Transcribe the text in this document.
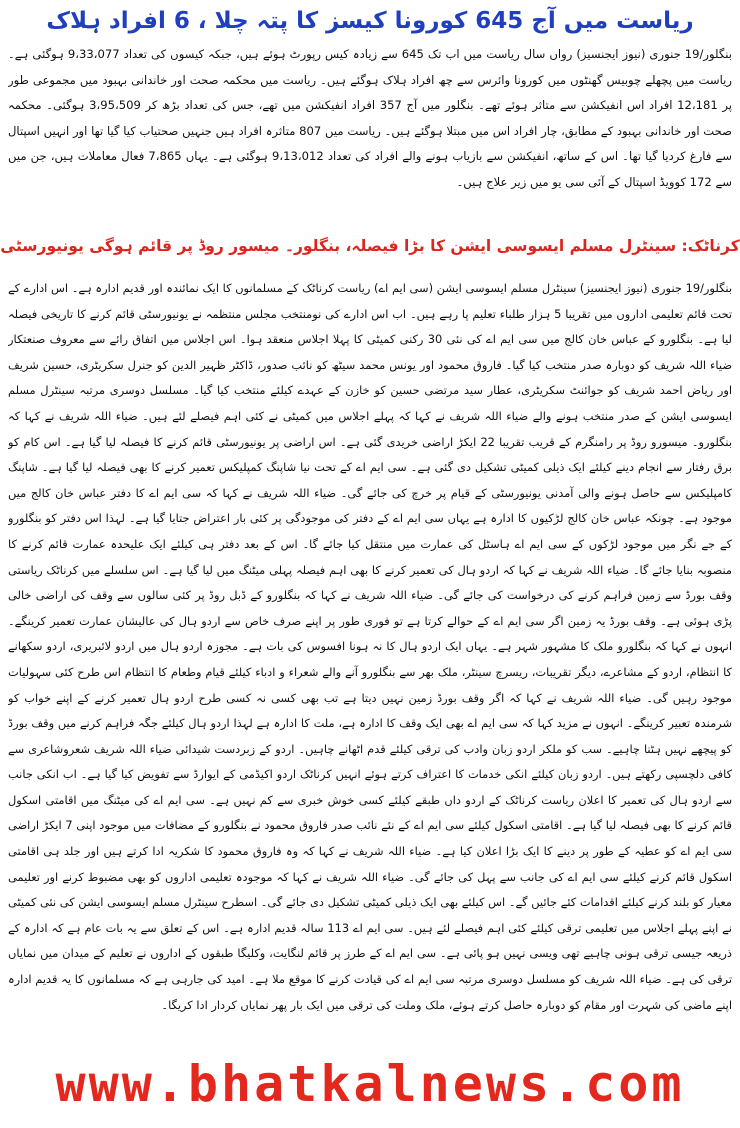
ریاست میں آج 645 کورونا کیسز کا پتہ چلا ، 6 افراد ہلاک

بنگلور/19 جنوری (نیوز ایجنسیز) رواں سال ریاست میں اب تک 645 سے زیادہ کیس رپورٹ ہوئے ہیں، جبکہ کیسوں کی تعداد 9،33،077 ہوگئی ہے۔ ریاست میں پچھلے چوبیس گھنٹوں میں کورونا وائرس سے چھ افراد ہلاک ہوگئے ہیں۔ ریاست میں محکمہ صحت اور خاندانی بہبود میں مجموعی طور پر 12،181 افراد اس انفیکشن سے متاثر ہوئے تھے۔ بنگلور میں آج 357 افراد انفیکشن میں تھے، جس کی تعداد بڑھ کر 3،95،509 ہوگئی۔ محکمہ صحت اور خاندانی بہبود کے مطابق، چار افراد اس میں مبتلا ہوگئے ہیں۔ ریاست میں 807 متاثرہ افراد ہیں جنہیں صحتیاب کیا گیا تھا اور انہیں اسپتال سے فارغ کردیا گیا تھا۔ اس کے ساتھ، انفیکشن سے بازیاب ہونے والے افراد کی تعداد 9،13،012 ہوگئی ہے۔ یہاں 7،865 فعال معاملات ہیں، جن میں سے 172 کوویڈ اسپتال کے آئی سی یو میں زیر علاج ہیں۔

کرناٹک: سینٹرل مسلم ایسوسی ایشن کا بڑا فیصلہ، بنگلور۔ میسور روڈ پر قائم ہوگی یونیورسٹی

بنگلور/19 جنوری (نیوز ایجنسیز) سینٹرل مسلم ایسوسی ایشن (سی ایم اے) ریاست کرناٹک کے مسلمانوں کا ایک نمائندہ اور قدیم ادارہ ہے۔ اس ادارے کے تحت قائم تعلیمی اداروں میں تقریبا 5 ہزار طلباء تعلیم پا رہے ہیں۔ اب اس ادارے کی نومنتخب مجلس منتظمہ نے یونیورسٹی قائم کرنے کا تاریخی فیصلہ لیا ہے۔ بنگلورو کے عباس خان کالج میں سی ایم اے کی نئی 30 رکنی کمیٹی کا پہلا اجلاس منعقد ہوا۔ اس اجلاس میں اتفاق رائے سے معروف صنعتکار ضیاء اللہ شریف کو دوبارہ صدر منتخب کیا گیا۔ فاروق محمود اور یونس محمد سیٹھ کو نائب صدور، ڈاکٹر ظہیر الدین کو جنرل سکریٹری، حسین شریف اور ریاض احمد شریف کو جوائنٹ سکریٹری، عطار سید مرتضی حسین کو خازن کے عہدے کیلئے منتخب کیا گیا۔ مسلسل دوسری مرتبہ سینٹرل مسلم ایسوسی ایشن کے صدر منتخب ہونے والے ضیاء اللہ شریف نے کہا کہ پہلے اجلاس میں کمیٹی نے کئی اہم فیصلے لئے ہیں۔ ضیاء اللہ شریف نے کہا کہ بنگلورو۔ میسورو روڈ پر رامنگرم کے قریب تقریبا 22 ایکڑ اراضی خریدی گئی ہے۔ اس اراضی پر یونیورسٹی قائم کرنے کا فیصلہ لیا گیا ہے۔ اس کام کو برق رفتار سے انجام دینے کیلئے ایک ذیلی کمیٹی تشکیل دی گئی ہے۔ سی ایم اے کے تحت نیا شاپنگ کمپلیکس تعمیر کرنے کا بھی فیصلہ لیا گیا ہے۔ شاپنگ کامپلیکس سے حاصل ہونے والی آمدنی یونیورسٹی کے قیام پر خرچ کی جائے گی۔ ضیاء اللہ شریف نے کہا کہ سی ایم اے کا دفتر عباس خان کالج میں موجود ہے۔ چونکہ عباس خان کالج لڑکیوں کا ادارہ ہے یہاں سی ایم اے کے دفتر کی موجودگی پر کئی بار اعتراض جتایا گیا ہے۔ لہذا اس دفتر کو بنگلورو کے جے نگر میں موجود لڑکوں کے سی ایم اے ہاسٹل کی عمارت میں منتقل کیا جائے گا۔ اس کے بعد دفتر ہی کیلئے ایک علیحدہ عمارت قائم کرنے کا منصوبہ بنایا جائے گا۔ ضیاء اللہ شریف نے کہا کہ اردو ہال کی تعمیر کرنے کا بھی اہم فیصلہ پہلی میٹنگ میں لیا گیا ہے۔ اس سلسلے میں کرناٹک ریاستی وقف بورڈ سے زمین فراہم کرنے کی درخواست کی جائے گی۔ ضیاء اللہ شریف نے کہا کہ بنگلورو کے ڈبل روڈ پر کئی سالوں سے وقف کی اراضی خالی پڑی ہوئی ہے۔ وقف بورڈ یہ زمین اگر سی ایم اے کے حوالے کرتا ہے تو فوری طور پر اپنے صرف خاص سے اردو ہال کی عالیشان عمارت تعمیر کرینگے۔ انہوں نے کہا کہ بنگلورو ملک کا مشہور شہر ہے۔ یہاں ایک اردو ہال کا نہ ہونا افسوس کی بات ہے۔ مجوزہ اردو ہال میں اردو لائبریری، اردو سکھانے کا انتظام، اردو کے مشاعرے، دیگر تقریبات، ریسرچ سینٹر، ملک بھر سے بنگلورو آنے والے شعراء و ادباء کیلئے قیام وطعام کا انتظام اس طرح کئی سہولیات موجود رہیں گی۔ ضیاء اللہ شریف نے کہا کہ اگر وقف بورڈ زمین نہیں دیتا ہے تب بھی کسی نہ کسی طرح اردو ہال تعمیر کرنے کے اپنے خواب کو شرمندہ تعبیر کرینگے۔ انہوں نے مزید کہا کہ سی ایم اے بھی ایک وقف کا ادارہ ہے، ملت کا ادارہ ہے لہذا اردو ہال کیلئے جگہ فراہم کرنے میں وقف بورڈ کو پیچھے نہیں ہٹنا چاہیے۔ سب کو ملکر اردو زبان وادب کی ترقی کیلئے قدم اٹھانے چاہیں۔ اردو کے زبردست شیدائی ضیاء اللہ شریف شعروشاعری سے کافی دلچسپی رکھتے ہیں۔ اردو زبان کیلئے انکی خدمات کا اعتراف کرتے ہوئے انہیں کرناٹک اردو اکیڈمی کے ایوارڈ سے تفویض کیا گیا ہے۔ اب انکی جانب سے اردو ہال کی تعمیر کا اعلان ریاست کرناٹک کے اردو داں طبقے کیلئے کسی خوش خبری سے کم نہیں ہے۔ سی ایم اے کی میٹنگ میں اقامتی اسکول قائم کرنے کا بھی فیصلہ لیا گیا ہے۔ اقامتی اسکول کیلئے سی ایم اے کے نئے نائب صدر فاروق محمود نے بنگلورو کے مضافات میں موجود اپنی 7 ایکڑ اراضی سی ایم اے کو عطیہ کے طور پر دینے کا ایک بڑا اعلان کیا ہے۔ ضیاء اللہ شریف نے کہا کہ وہ فاروق محمود کا شکریہ ادا کرتے ہیں اور جلد ہی اقامتی اسکول قائم کرنے کیلئے سی ایم اے کی جانب سے پہل کی جائے گی۔ ضیاء اللہ شریف نے کہا کہ موجودہ تعلیمی اداروں کو بھی مضبوط کرنے اور تعلیمی معیار کو بلند کرنے کیلئے اقدامات کئے جائیں گے۔ اس کیلئے بھی ایک ذیلی کمیٹی تشکیل دی جائے گی۔ اسطرح سینٹرل مسلم ایسوسی ایشن کی نئی کمیٹی نے اپنے پہلے اجلاس میں تعلیمی ترقی کیلئے کئی اہم فیصلے لئے ہیں۔ سی ایم اے 113 سالہ قدیم ادارہ ہے۔ اس کے تعلق سے یہ بات عام ہے کہ ادارہ کے ذریعہ جیسی ترقی ہونی چاہیے تھی ویسی نہیں ہو پائی ہے۔ سی ایم اے کے طرز پر قائم لنگایت، وکلیگا طبقوں کے اداروں نے تعلیم کے میدان میں نمایاں ترقی کی ہے۔ ضیاء اللہ شریف کو مسلسل دوسری مرتبہ سی ایم اے کی قیادت کرنے کا موقع ملا ہے۔ امید کی جارہی ہے کہ مسلمانوں کا یہ قدیم ادارہ اپنے ماضی کی شہرت اور مقام کو دوبارہ حاصل کرتے ہوئے، ملک وملت کی ترقی میں ایک بار پھر نمایاں کردار ادا کریگا۔

www.bhatkalnews.com
